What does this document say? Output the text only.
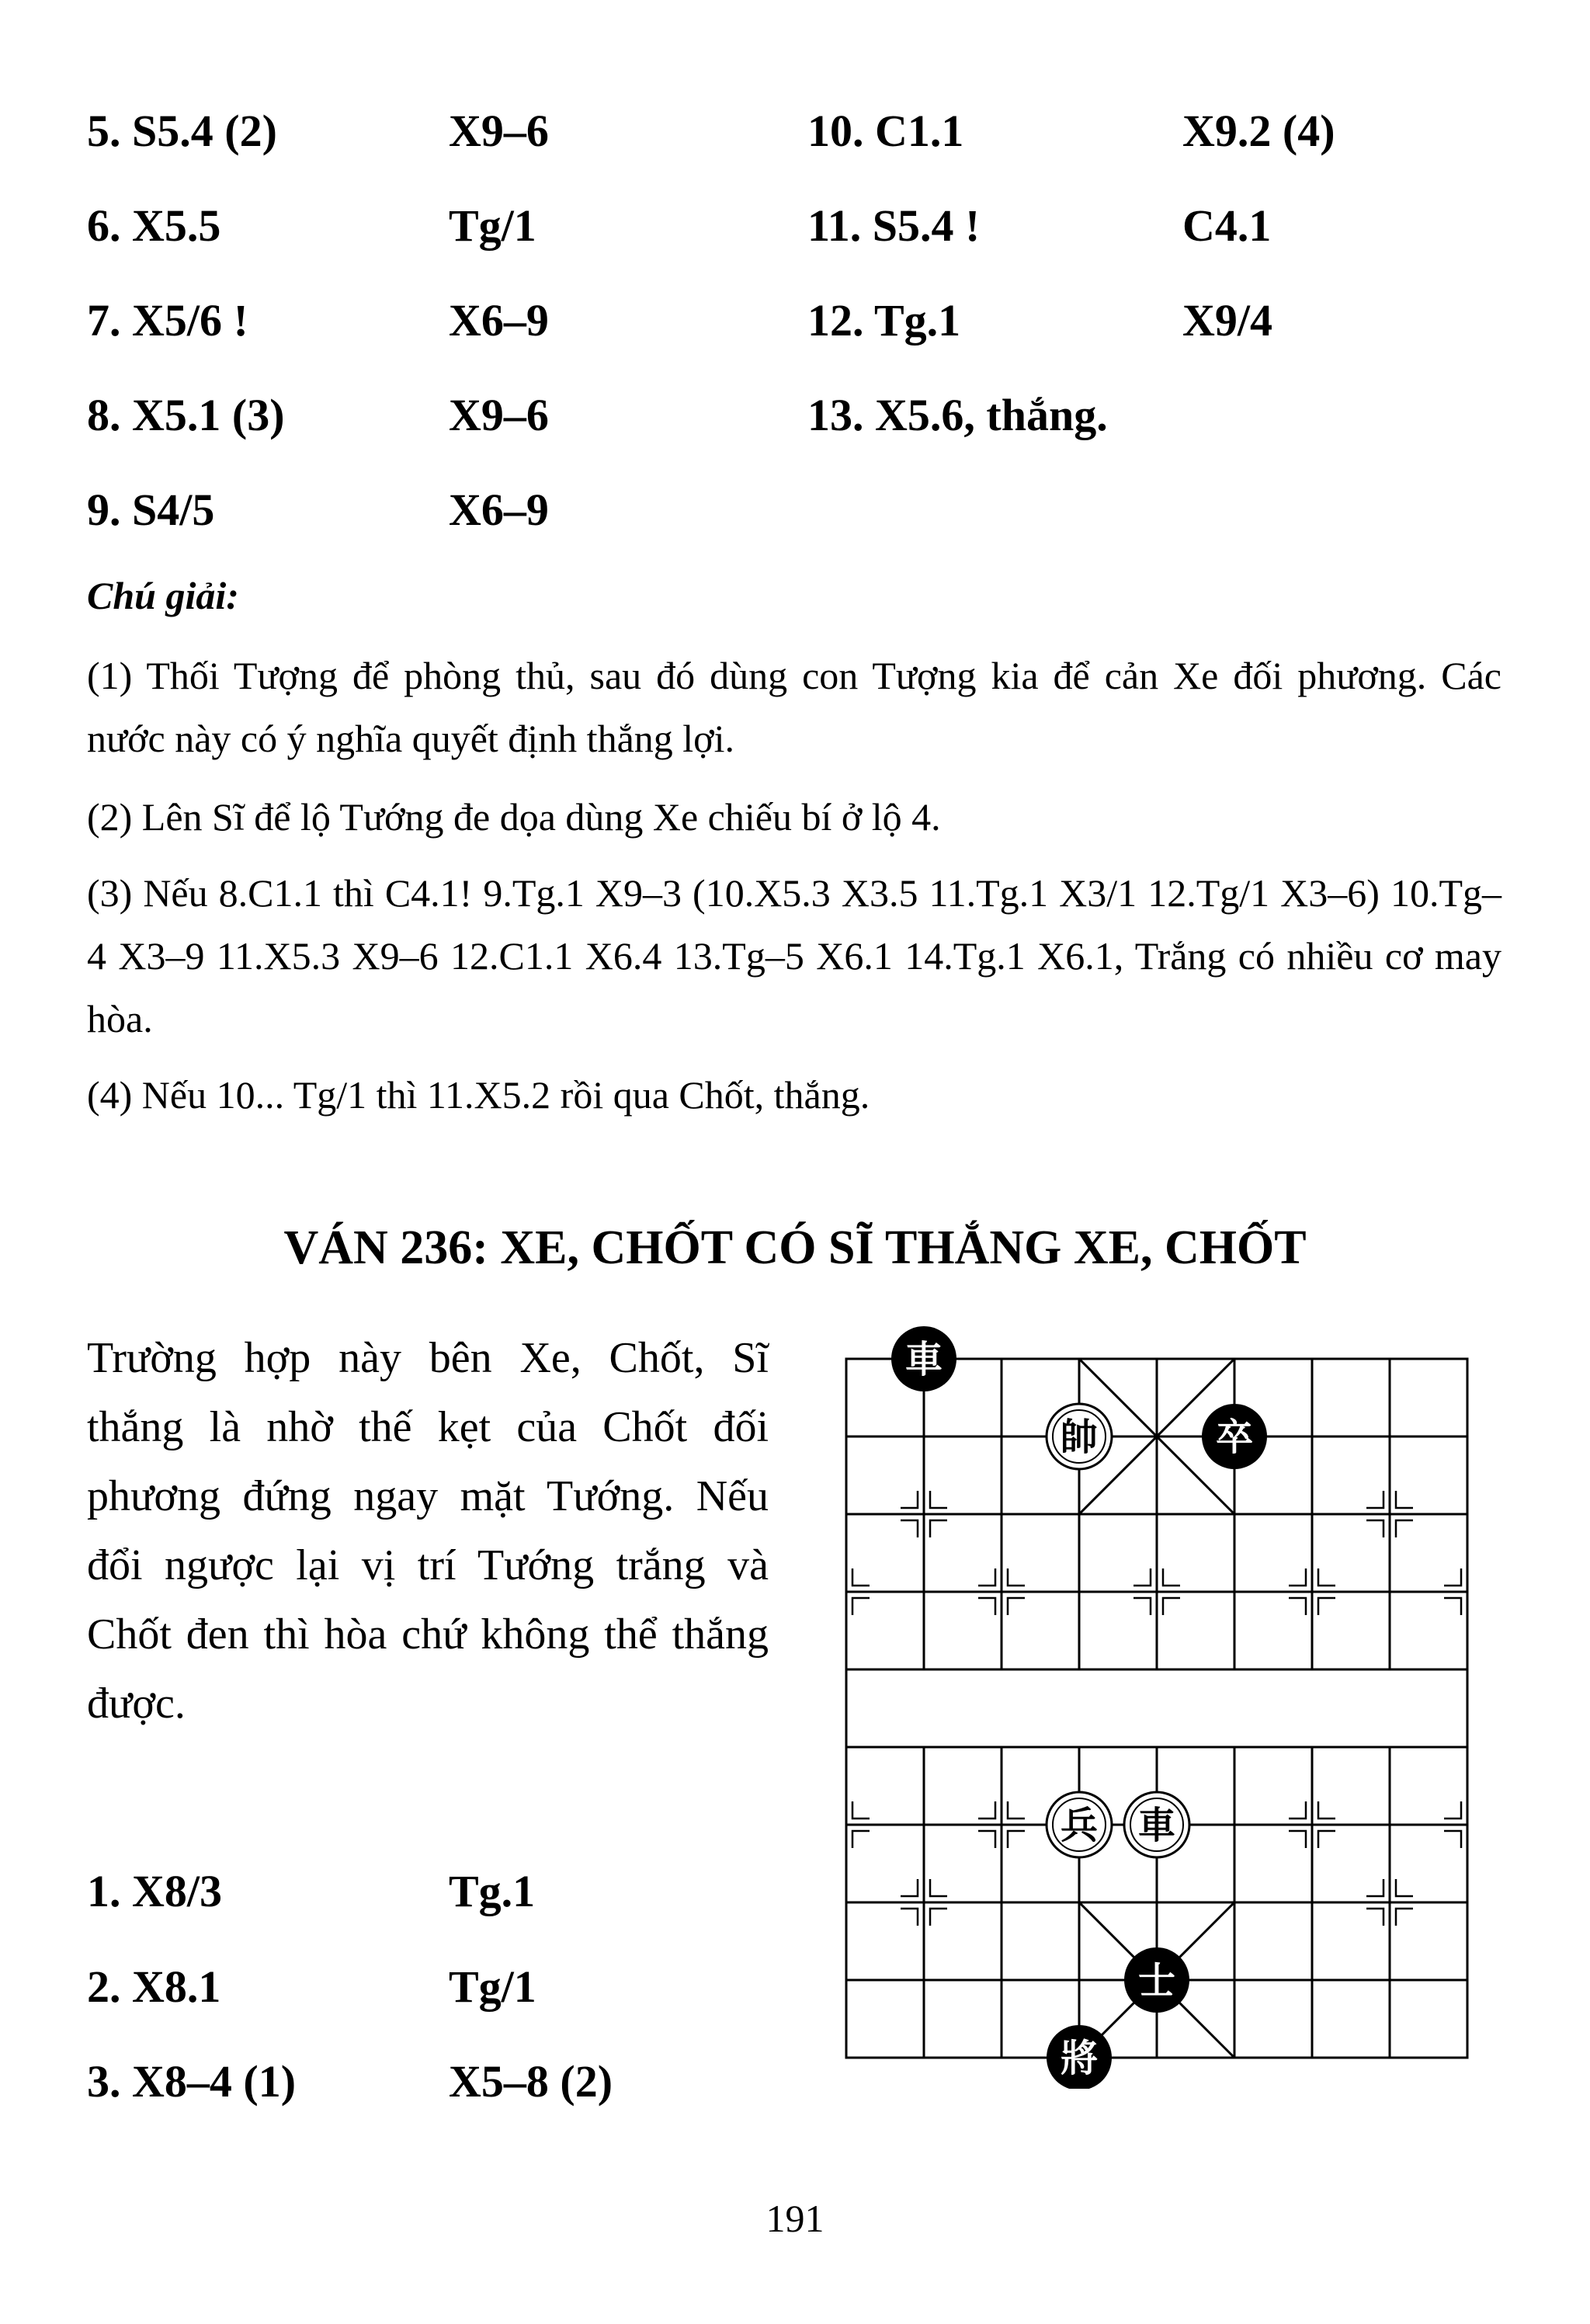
5. S5.4 (2)	X9–6
6. X5.5	Tg/1
7. X5/6 !	X6–9
8. X5.1 (3)	X9–6
9. S4/5	X6–9
10. C1.1	X9.2 (4)
11. S5.4 !	C4.1
12. Tg.1	X9/4
13. X5.6, thắng.
Chú giải:

(1) Thối Tượng để phòng thủ, sau đó dùng con Tượng kia để cản Xe đối phương. Các nước này có ý nghĩa quyết định thắng lợi.

(2) Lên Sĩ để lộ Tướng đe dọa dùng Xe chiếu bí ở lộ 4.

(3) Nếu 8.C1.1 thì C4.1! 9.Tg.1 X9–3 (10.X5.3 X3.5 11.Tg.1 X3/1 12.Tg/1 X3–6) 10.Tg–4 X3–9 11.X5.3 X9–6 12.C1.1 X6.4 13.Tg–5 X6.1 14.Tg.1 X6.1, Trắng có nhiều cơ may hòa.

(4) Nếu 10... Tg/1 thì 11.X5.2 rồi qua Chốt, thắng.

VÁN 236: XE, CHỐT CÓ SĨ THẮNG XE, CHỐT

Trường hợp này bên Xe, Chốt, Sĩ thắng là nhờ thế kẹt của Chốt đối phương đứng ngay mặt Tướng. Nếu đổi ngược lại vị trí Tướng trắng và Chốt đen thì hòa chứ không thể thắng được.

車
帥	卒
兵 車
士
將
1. X8/3	Tg.1
2. X8.1	Tg/1
3. X8–4 (1)	X5–8 (2)
191
